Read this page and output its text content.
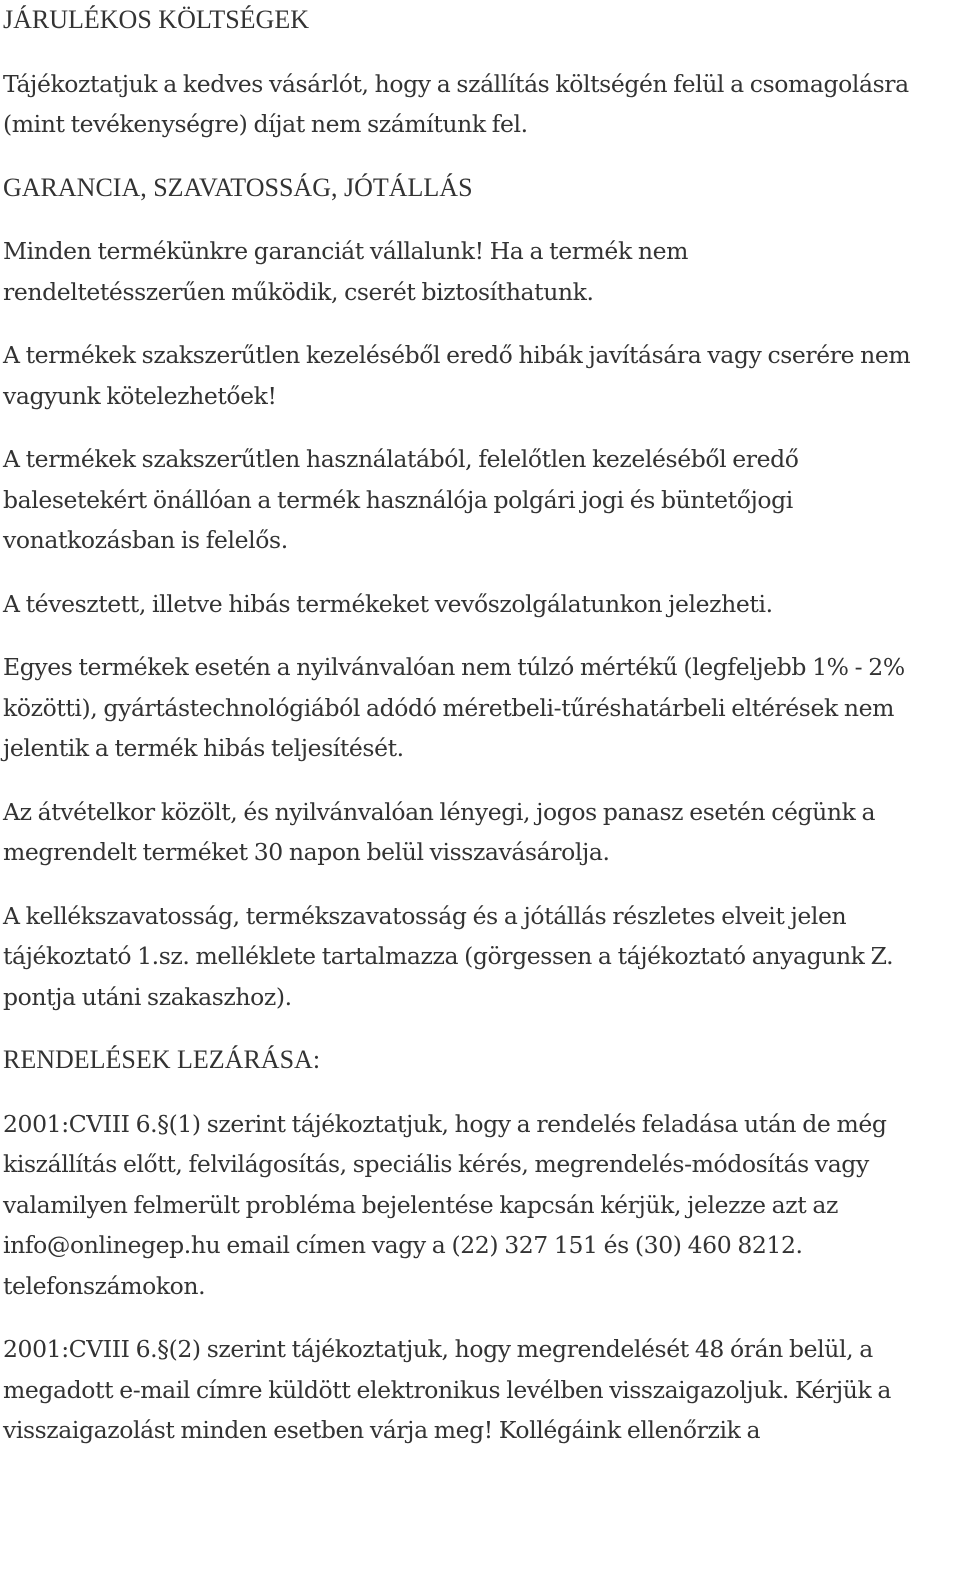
JÁRULÉKOS KÖLTSÉGEK

Tájékoztatjuk a kedves vásárlót, hogy a szállítás költségén felül a csomagolásra
(mint tevékenységre) díjat nem számítunk fel.

GARANCIA, SZAVATOSSÁG, JÓTÁLLÁS

Minden termékünkre garanciát vállalunk! Ha a termék nem
rendeltetésszerűen működik, cserét biztosíthatunk.

A termékek szakszerűtlen kezeléséből eredő hibák javítására vagy cserére nem
vagyunk kötelezhetőek!

A termékek szakszerűtlen használatából, felelőtlen kezeléséből eredő
balesetekért önállóan a termék használója polgári jogi és büntetőjogi
vonatkozásban is felelős.

A tévesztett, illetve hibás termékeket vevőszolgálatunkon jelezheti.

Egyes termékek esetén a nyilvánvalóan nem túlzó mértékű (legfeljebb 1% - 2%
közötti), gyártástechnológiából adódó méretbeli-tűréshatárbeli eltérések nem
jelentik a termék hibás teljesítését.

Az átvételkor közölt, és nyilvánvalóan lényegi, jogos panasz esetén cégünk a
megrendelt terméket 30 napon belül visszavásárolja.

A kellékszavatosság, termékszavatosság és a jótállás részletes elveit jelen
tájékoztató 1.sz. melléklete tartalmazza (görgessen a tájékoztató anyagunk Z.
pontja utáni szakaszhoz).

RENDELÉSEK LEZÁRÁSA:

2001:CVIII 6.§(1) szerint tájékoztatjuk, hogy a rendelés feladása után de még
kiszállítás előtt, felvilágosítás, speciális kérés, megrendelés-módosítás vagy
valamilyen felmerült probléma bejelentése kapcsán kérjük, jelezze azt az
info@onlinegep.hu email címen vagy a (22) 327 151 és (30) 460 8212.
telefonszámokon.

2001:CVIII 6.§(2) szerint tájékoztatjuk, hogy megrendelését 48 órán belül, a
megadott e-mail címre küldött elektronikus levélben visszaigazoljuk. Kérjük a
visszaigazolást minden esetben várja meg! Kollégáink ellenőrzik a
